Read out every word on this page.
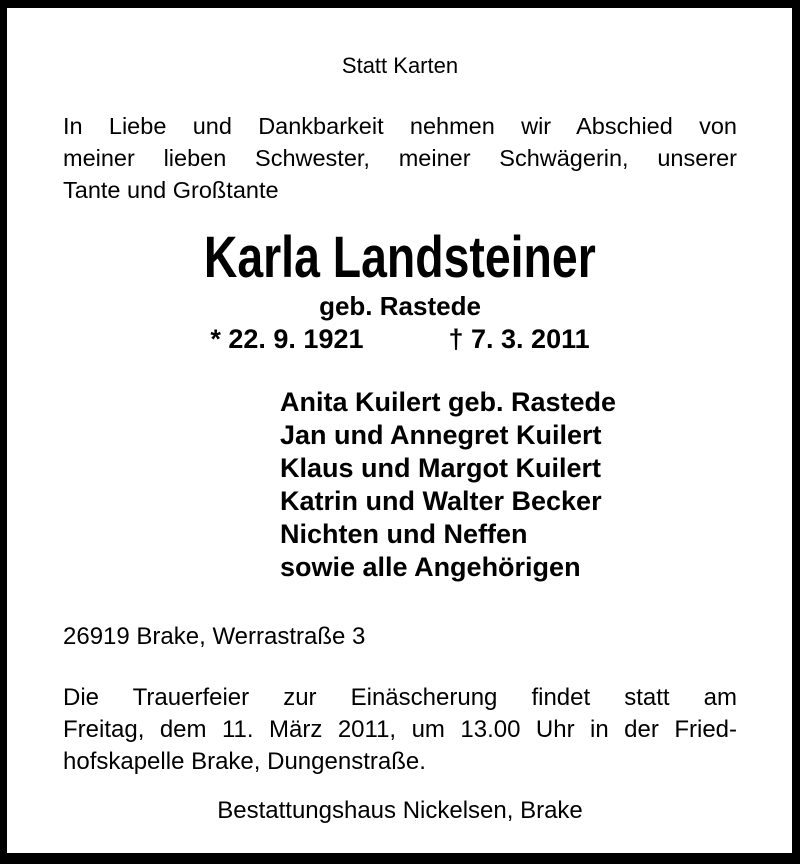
Statt Karten
In Liebe und Dankbarkeit nehmen wir Abschied von
meiner lieben Schwester, meiner Schwägerin, unserer
Tante und Großtante
Karla Landsteiner
geb. Rastede
* 22. 9. 1921	† 7. 3. 2011
Anita Kuilert geb. Rastede
Jan und Annegret Kuilert
Klaus und Margot Kuilert
Katrin und Walter Becker
Nichten und Neffen
sowie alle Angehörigen
26919 Brake, Werrastraße 3
Die Trauerfeier zur Einäscherung findet statt am
Freitag, dem 11. März 2011, um 13.00 Uhr in der Fried-
hofskapelle Brake, Dungenstraße.
Bestattungshaus Nickelsen, Brake
